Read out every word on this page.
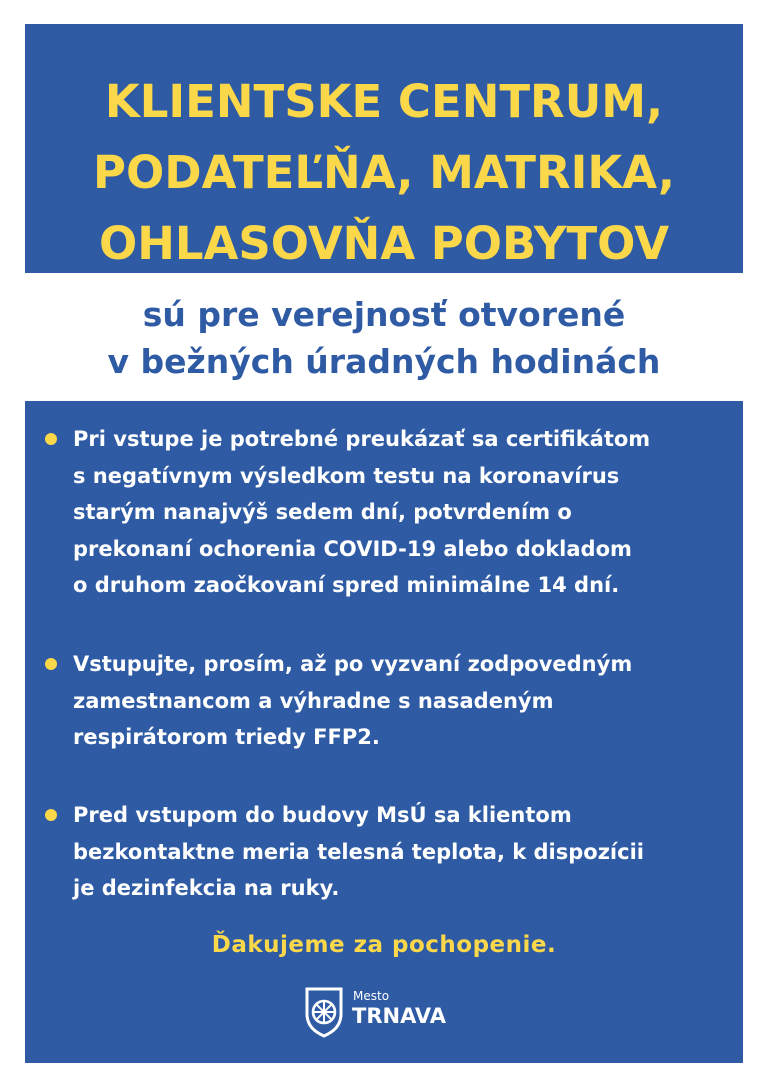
KLIENTSKE CENTRUM,
PODATEĽŇA, MATRIKA,
OHLASOVŇA POBYTOV
sú pre verejnosť otvorené
v bežných úradných hodinách
Pri vstupe je potrebné preukázať sa certifikátom
s negatívnym výsledkom testu na koronavírus
starým nanajvýš sedem dní, potvrdením o
prekonaní ochorenia COVID-19 alebo dokladom
o druhom zaočkovaní spred minimálne 14 dní.
Vstupujte, prosím, až po vyzvaní zodpovedným
zamestnancom a výhradne s nasadeným
respirátorom triedy FFP2.
Pred vstupom do budovy MsÚ sa klientom
bezkontaktne meria telesná teplota, k dispozícii
je dezinfekcia na ruky.
Ďakujeme za pochopenie.
Mesto
TRNAVA
